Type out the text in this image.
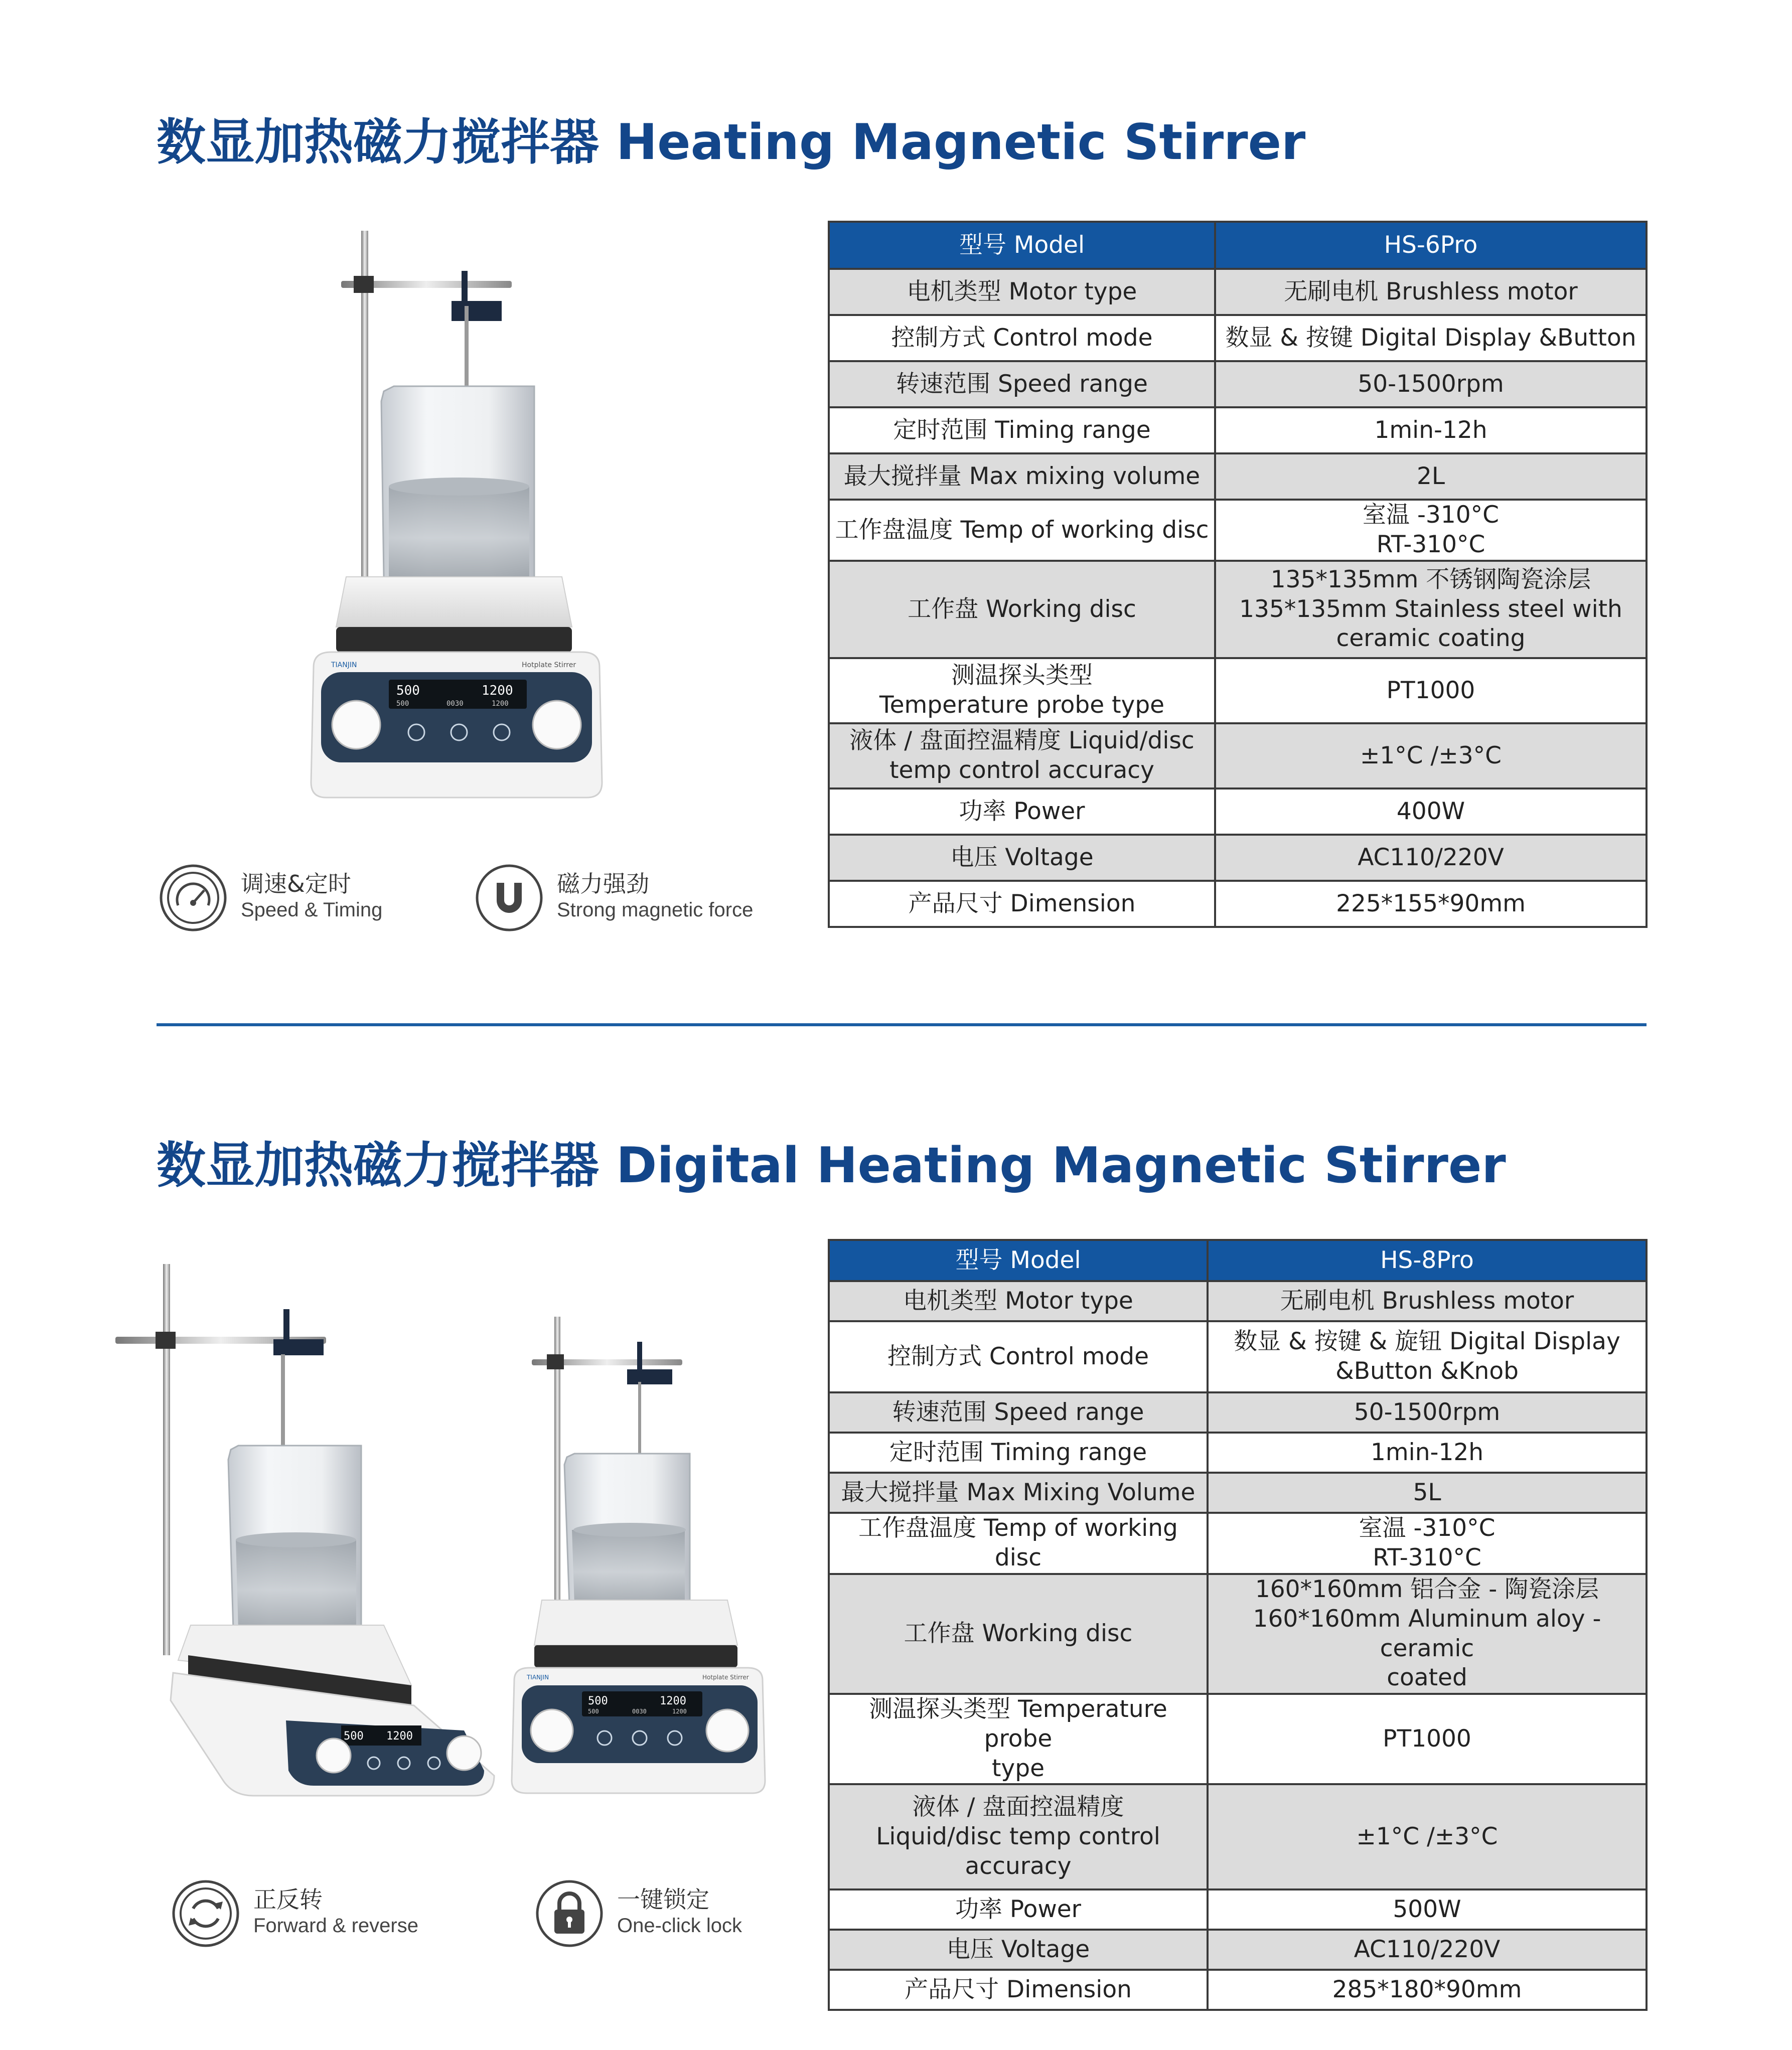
数显加热磁力搅拌器 Heating Magnetic Stirrer
TIANJIN	Hotplate Stirrer
500	1200
500	0030	1200
调速&定时
Speed & Timing
磁力强劲
Strong magnetic force
型号 Model	HS-6Pro
电机类型 Motor type	无刷电机 Brushless motor
控制方式 Control mode	数显 & 按键 Digital Display &Button
转速范围 Speed range	50-1500rpm
定时范围 Timing range	1min-12h
最大搅拌量 Max mixing volume	2L
工作盘温度 Temp of working disc	室温 -310°C
RT-310°C
工作盘 Working disc	135*135mm 不锈钢陶瓷涂层
135*135mm Stainless steel with
ceramic coating
测温探头类型
Temperature probe type	PT1000
液体 / 盘面控温精度 Liquid/disc
temp control accuracy	±1°C /±3°C
功率 Power	400W
电压 Voltage	AC110/220V
产品尺寸 Dimension	225*155*90mm
数显加热磁力搅拌器 Digital Heating Magnetic Stirrer
500 1200
500	1200
500	0030	1200
TIANJIN	Hotplate Stirrer
正反转
Forward & reverse
一键锁定
One-click lock
型号 Model	HS-8Pro
电机类型 Motor type	无刷电机 Brushless motor
控制方式 Control mode	数显 & 按键 & 旋钮 Digital Display
&Button &Knob
转速范围 Speed range	50-1500rpm
定时范围 Timing range	1min-12h
最大搅拌量 Max Mixing Volume	5L
工作盘温度 Temp of working disc	室温 -310°C
RT-310°C
工作盘 Working disc	160*160mm 铝合金 - 陶瓷涂层
160*160mm Aluminum aloy -ceramic
coated
测温探头类型 Temperature probe
type	PT1000
液体 / 盘面控温精度
Liquid/disc temp control
accuracy	±1°C /±3°C
功率 Power	500W
电压 Voltage	AC110/220V
产品尺寸 Dimension	285*180*90mm
